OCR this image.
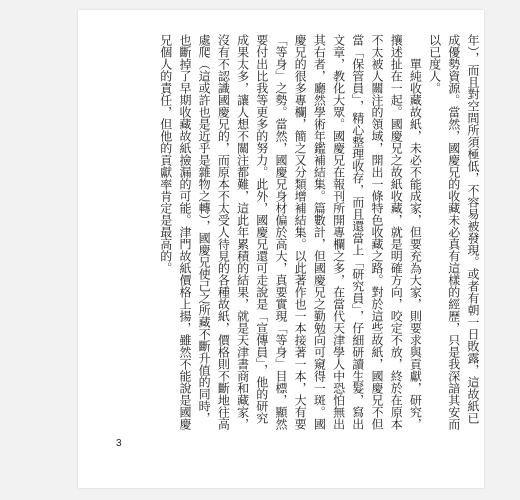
年），而且對空間所須極低，不容易被發現。或者有朝一日敗露，這故紙已成優勢資源。當然，國慶兄的收藏未必真有這樣的經歷，只是我深諳其安而以已度人。

單純收藏故紙，未必不能成家，但要充為大家，則要求與貢獻，研究，攘述扯在一起。國慶兄之故紙收藏，就是明確方向，咬定不放，終於在原本不太被人關注的領域，開出一條特色收藏之路。對於這些故紙，國慶兄不但當「保管員」，精心整理收存，而且還當上「研究員」，仔細研讀生髮，寫出文章，教化大眾。國慶兄在報刊所開專欄之多，在當代天津學人中恐怕無出其右者，廳然學術年鑑補結集。篇數計，但國慶兄之勤勉向可窺得一斑。國慶兄的很多專欄，簡之又分類增補結集。以此著作也一本接著一本，大有要「等身」之勢。當然，國慶兄身材偏於高大，真要實現「等身」目標，顯然要付出比我等更多的努力。此外，國慶兄還可走說是「宣傳員」，他的研究成果太多，讓人想不關注都難，這此年累積的結果，就是天津書商和藏家，沒有不認識國慶兄的，而原本不太受人待見的各種故紙，價格則不斷地往高處爬（這或許也是近乎是雜物之轉），國慶兄使己之所藏不斷升值的同時，也斷掉了早期收藏故紙撿漏的可能。津門故紙價格上揚，雖然不能說是國慶兄個人的責任，但他的貢獻率肯定是最高的。

3
